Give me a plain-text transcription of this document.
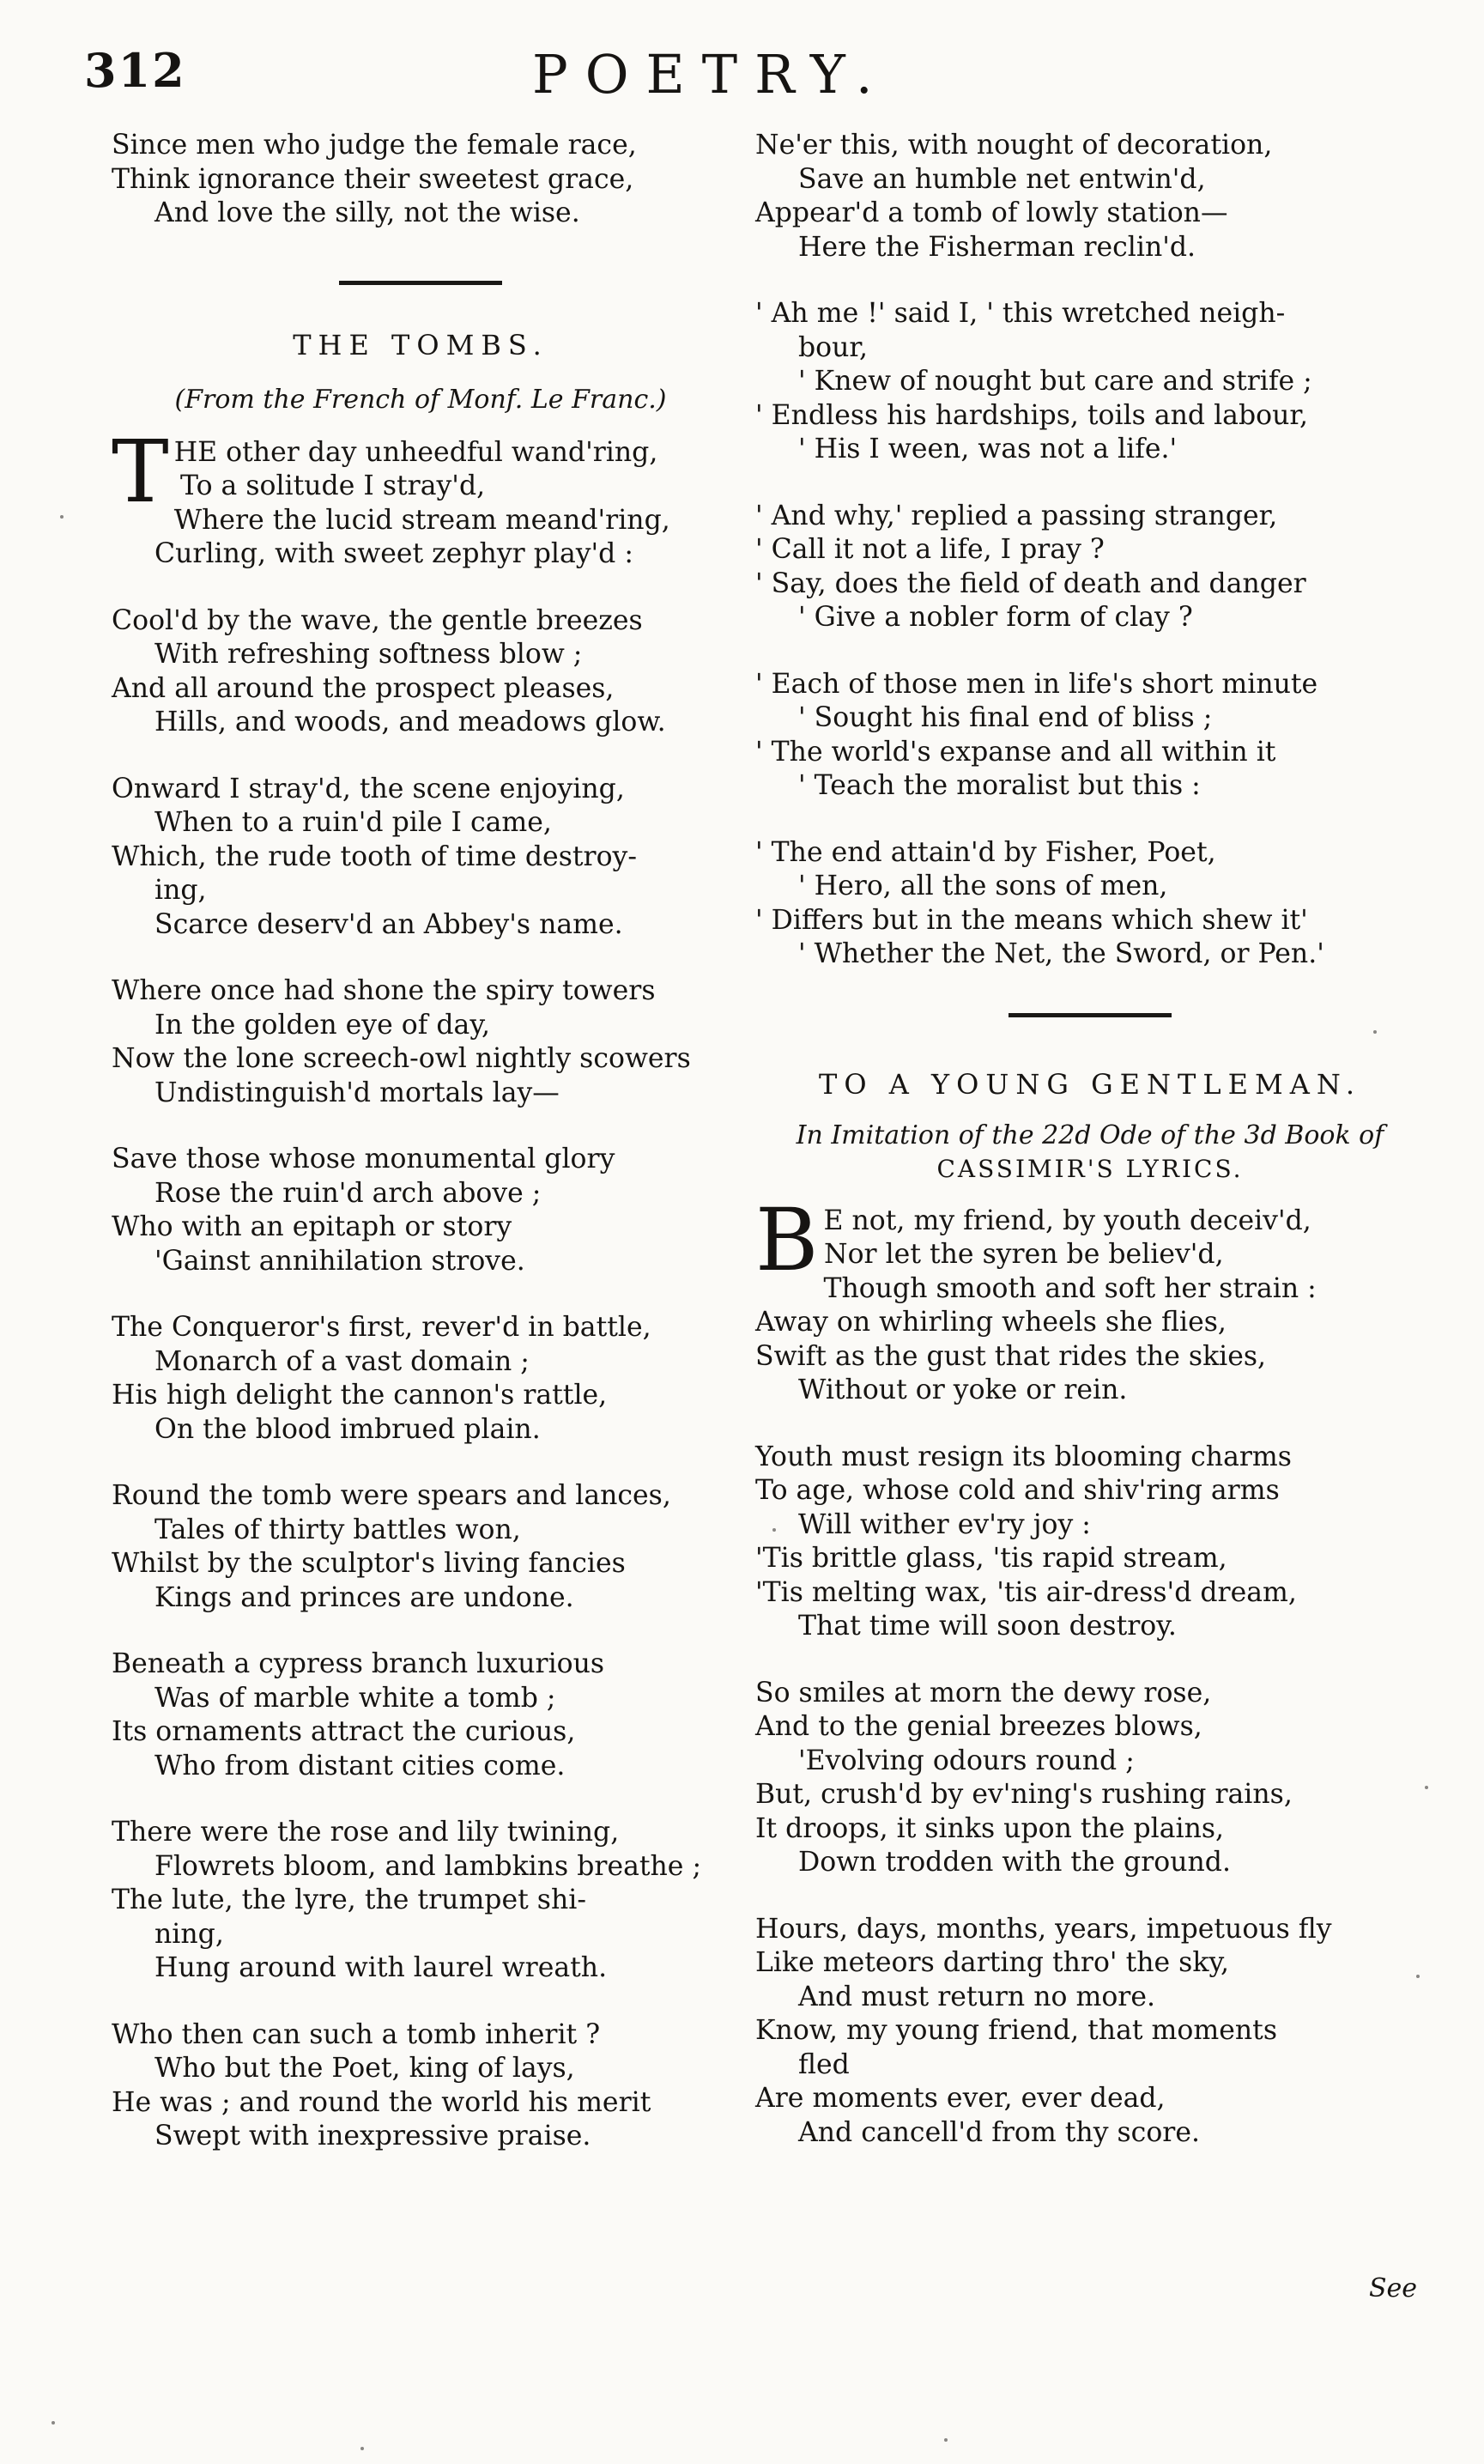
312	POETRY.
Since men who judge the female race,
Think ignorance their sweetest grace,
And love the silly, not the wise.
THE TOMBS.
(From the French of Monf. Le Franc.)
T HE other day unheedful wand'ring,
To a solitude I stray'd,
Where the lucid stream meand'ring,
Curling, with sweet zephyr play'd :
Cool'd by the wave, the gentle breezes
With refreshing softness blow ;
And all around the prospect pleases,
Hills, and woods, and meadows glow.
Onward I stray'd, the scene enjoying,
When to a ruin'd pile I came,
Which, the rude tooth of time destroy-
ing,
Scarce deserv'd an Abbey's name.
Where once had shone the spiry towers
In the golden eye of day,
Now the lone screech-owl nightly scowers
Undistinguish'd mortals lay—
Save those whose monumental glory
Rose the ruin'd arch above ;
Who with an epitaph or story
'Gainst annihilation strove.
The Conqueror's first, rever'd in battle,
Monarch of a vast domain ;
His high delight the cannon's rattle,
On the blood imbrued plain.
Round the tomb were spears and lances,
Tales of thirty battles won,
Whilst by the sculptor's living fancies
Kings and princes are undone.
Beneath a cypress branch luxurious
Was of marble white a tomb ;
Its ornaments attract the curious,
Who from distant cities come.
There were the rose and lily twining,
Flowrets bloom, and lambkins breathe ;
The lute, the lyre, the trumpet shi-
ning,
Hung around with laurel wreath.
Who then can such a tomb inherit ?
Who but the Poet, king of lays,
He was ; and round the world his merit
Swept with inexpressive praise.
Ne'er this, with nought of decoration,
Save an humble net entwin'd,
Appear'd a tomb of lowly station—
Here the Fisherman reclin'd.
' Ah me !' said I, ' this wretched neigh-
bour,
' Knew of nought but care and strife ;
' Endless his hardships, toils and labour,
' His I ween, was not a life.'
' And why,' replied a passing stranger,
' Call it not a life, I pray ?
' Say, does the field of death and danger
' Give a nobler form of clay ?
' Each of those men in life's short minute
' Sought his final end of bliss ;
' The world's expanse and all within it
' Teach the moralist but this :
' The end attain'd by Fisher, Poet,
' Hero, all the sons of men,
' Differs but in the means which shew it'
' Whether the Net, the Sword, or Pen.'
TO A YOUNG GENTLEMAN.
In Imitation of the 22d Ode of the 3d Book of
CASSIMIR'S LYRICS.
B E not, my friend, by youth deceiv'd,
Nor let the syren be believ'd,
Though smooth and soft her strain :
Away on whirling wheels she flies,
Swift as the gust that rides the skies,
Without or yoke or rein.
Youth must resign its blooming charms
To age, whose cold and shiv'ring arms
Will wither ev'ry joy :
'Tis brittle glass, 'tis rapid stream,
'Tis melting wax, 'tis air-dress'd dream,
That time will soon destroy.
So smiles at morn the dewy rose,
And to the genial breezes blows,
'Evolving odours round ;
But, crush'd by ev'ning's rushing rains,
It droops, it sinks upon the plains,
Down trodden with the ground.
Hours, days, months, years, impetuous fly
Like meteors darting thro' the sky,
And must return no more.
Know, my young friend, that moments
fled
Are moments ever, ever dead,
And cancell'd from thy score.
See
